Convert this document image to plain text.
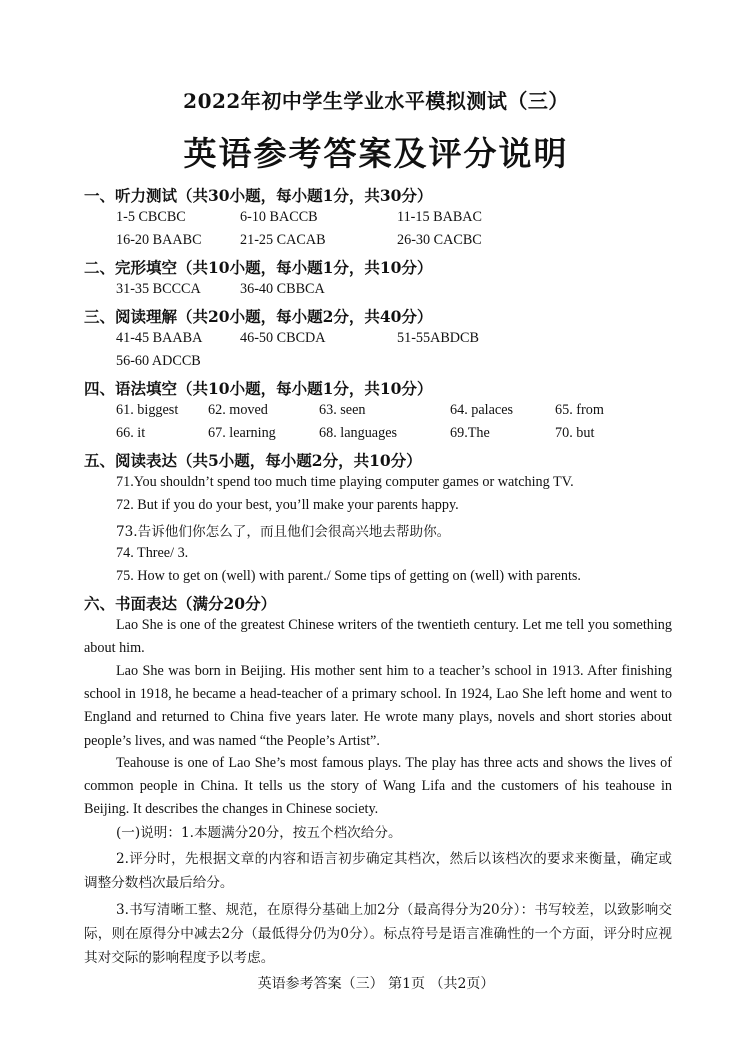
2022年初中学生学业水平模拟测试（三）
英语参考答案及评分说明
一、听力测试（共30小题，每小题1分，共30分）
1-5 CBCBC	6-10 BACCB	11-15 BABAC
16-20 BAABC	21-25 CACAB	26-30 CACBC
二、完形填空（共10小题，每小题1分，共10分）
31-35 BCCCA	36-40 CBBCA
三、阅读理解（共20小题，每小题2分，共40分）
41-45 BAABA	46-50 CBCDA	51-55ABDCB
56-60 ADCCB
四、语法填空（共10小题，每小题1分，共10分）
61. biggest 62. moved	63. seen	64. palaces	65. from
66. it	67. learning	68. languages	69.The	70. but
五、阅读表达（共5小题，每小题2分，共10分）
71.You shouldn’t spend too much time playing computer games or watching TV.
72. But if you do your best, you’ll make your parents happy.
73.告诉他们你怎么了，而且他们会很高兴地去帮助你。
74. Three/ 3.
75. How to get on (well) with parent./ Some tips of getting on (well) with parents.
六、书面表达（满分20分）
Lao She is one of the greatest Chinese writers of the twentieth century. Let me tell you something about him.
Lao She was born in Beijing. His mother sent him to a teacher’s school in 1913. After finishing school in 1918, he became a head-teacher of a primary school. In 1924, Lao She left home and went to England and returned to China five years later. He wrote many plays, novels and short stories about people’s lives, and was named “the People’s Artist”.
Teahouse is one of Lao She’s most famous plays. The play has three acts and shows the lives of common people in China. It tells us the story of Wang Lifa and the customers of his teahouse in Beijing. It describes the changes in Chinese society.
(一)说明：1.本题满分20分，按五个档次给分。
2.评分时，先根据文章的内容和语言初步确定其档次，然后以该档次的要求来衡量，确定或调整分数档次最后给分。
3.书写清晰工整、规范，在原得分基础上加2分（最高得分为20分）：书写较差，以致影响交际，则在原得分中减去2分（最低得分仍为0分）。标点符号是语言准确性的一个方面，评分时应视其对交际的影响程度予以考虑。
英语参考答案（三） 第1页 （共2页）
